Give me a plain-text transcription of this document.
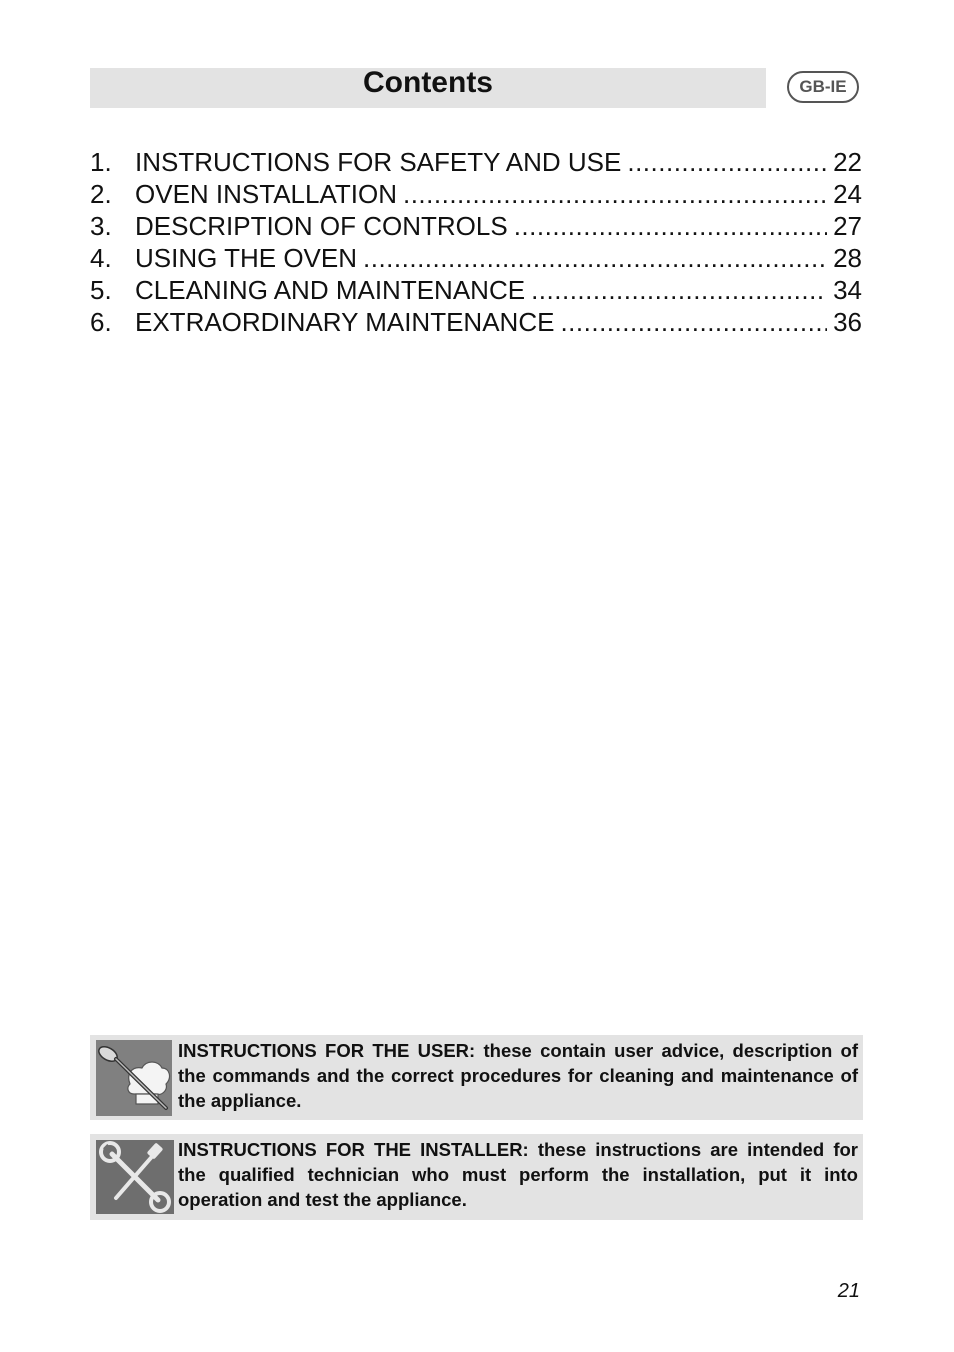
Contents	GB-IE
1. INSTRUCTIONS FOR SAFETY AND USE .....	22
2. OVEN INSTALLATION .....	24
3. DESCRIPTION OF CONTROLS .....	27
4. USING THE OVEN .....	28
5. CLEANING AND MAINTENANCE .....	34
6. EXTRAORDINARY MAINTENANCE .....	36
INSTRUCTIONS FOR THE USER: these contain user advice, description of the commands and the correct procedures for cleaning and maintenance of the appliance.
INSTRUCTIONS FOR THE INSTALLER: these instructions are intended for the qualified technician who must perform the installation, put it into operation and test the appliance.
21
